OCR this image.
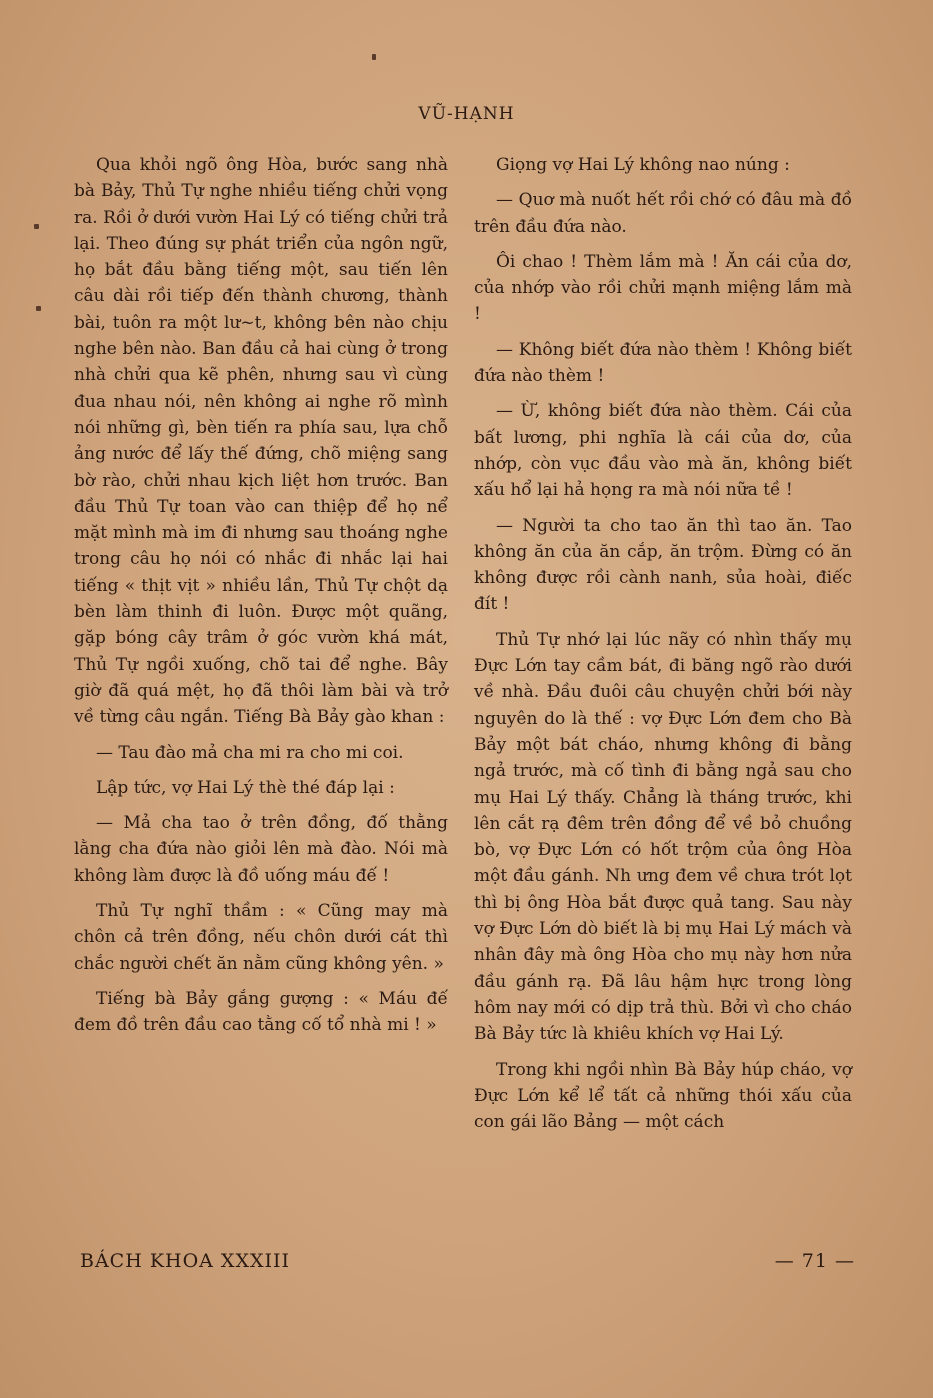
VŨ-HẠNH

Qua khỏi ngõ ông Hòa, bước sang nhà bà Bảy, Thủ Tự nghe nhiều tiếng chửi vọng ra. Rồi ở dưới vườn Hai Lý có tiếng chửi trả lại. Theo đúng sự phát triển của ngôn ngữ, họ bắt đầu bằng tiếng một, sau tiến lên câu dài rồi tiếp đến thành chương, thành bài, tuôn ra một lư~t, không bên nào chịu nghe bên nào. Ban đầu cả hai cùng ở trong nhà chửi qua kẽ phên, nhưng sau vì cùng đua nhau nói, nên không ai nghe rõ mình nói những gì, bèn tiến ra phía sau, lựa chỗ ảng nước để lấy thế đứng, chõ miệng sang bờ rào, chửi nhau kịch liệt hơn trước. Ban đầu Thủ Tự toan vào can thiệp để họ nể mặt mình mà im đi nhưng sau thoáng nghe trong câu họ nói có nhắc đi nhắc lại hai tiếng « thịt vịt » nhiều lần, Thủ Tự chột dạ bèn làm thinh đi luôn. Được một quãng, gặp bóng cây trâm ở góc vườn khá mát, Thủ Tự ngồi xuống, chõ tai để nghe. Bây giờ đã quá mệt, họ đã thôi làm bài và trở về từng câu ngắn. Tiếng Bà Bảy gào khan :

— Tau đào mả cha mi ra cho mi coi.

Lập tức, vợ Hai Lý thè thé đáp lại :

— Mả cha tao ở trên đồng, đố thằng lằng cha đứa nào giỏi lên mà đào. Nói mà không làm được là đồ uống máu đế !

Thủ Tự nghĩ thầm : « Cũng may mà chôn cả trên đồng, nếu chôn dưới cát thì chắc người chết ăn nằm cũng không yên. »

Tiếng bà Bảy gắng gượng : « Máu đế đem đồ trên đầu cao tằng cố tổ nhà mi ! »

Giọng vợ Hai Lý không nao núng :

— Quơ mà nuốt hết rồi chớ có đâu mà đồ trên đầu đứa nào.

Ôi chao ! Thèm lắm mà ! Ăn cái của dơ, của nhớp vào rồi chửi mạnh miệng lắm mà !

— Không biết đứa nào thèm ! Không biết đứa nào thèm !

— Ừ, không biết đứa nào thèm. Cái của bất lương, phi nghĩa là cái của dơ, của nhớp, còn vục đầu vào mà ăn, không biết xấu hổ lại hả họng ra mà nói nữa tề !

— Người ta cho tao ăn thì tao ăn. Tao không ăn của ăn cắp, ăn trộm. Đừng có ăn không được rồi cành nanh, sủa hoài, điếc đít !

Thủ Tự nhớ lại lúc nãy có nhìn thấy mụ Đực Lớn tay cầm bát, đi băng ngõ rào dưới về nhà. Đầu đuôi câu chuyện chửi bới này nguyên do là thế : vợ Đực Lớn đem cho Bà Bảy một bát cháo, nhưng không đi bằng ngả trước, mà cố tình đi bằng ngả sau cho mụ Hai Lý thấy. Chẳng là tháng trước, khi lên cắt rạ đêm trên đồng để về bỏ chuồng bò, vợ Đực Lớn có hốt trộm của ông Hòa một đầu gánh. Nh ưng đem về chưa trót lọt thì bị ông Hòa bắt được quả tang. Sau này vợ Đực Lớn dò biết là bị mụ Hai Lý mách và nhân đây mà ông Hòa cho mụ này hơn nửa đầu gánh rạ. Đã lâu hậm hực trong lòng hôm nay mới có dịp trả thù. Bởi vì cho cháo Bà Bảy tức là khiêu khích vợ Hai Lý.

Trong khi ngồi nhìn Bà Bảy húp cháo, vợ Đực Lớn kể lể tất cả những thói xấu của con gái lão Bảng — một cách

BÁCH KHOA XXXIII	— 71 —
